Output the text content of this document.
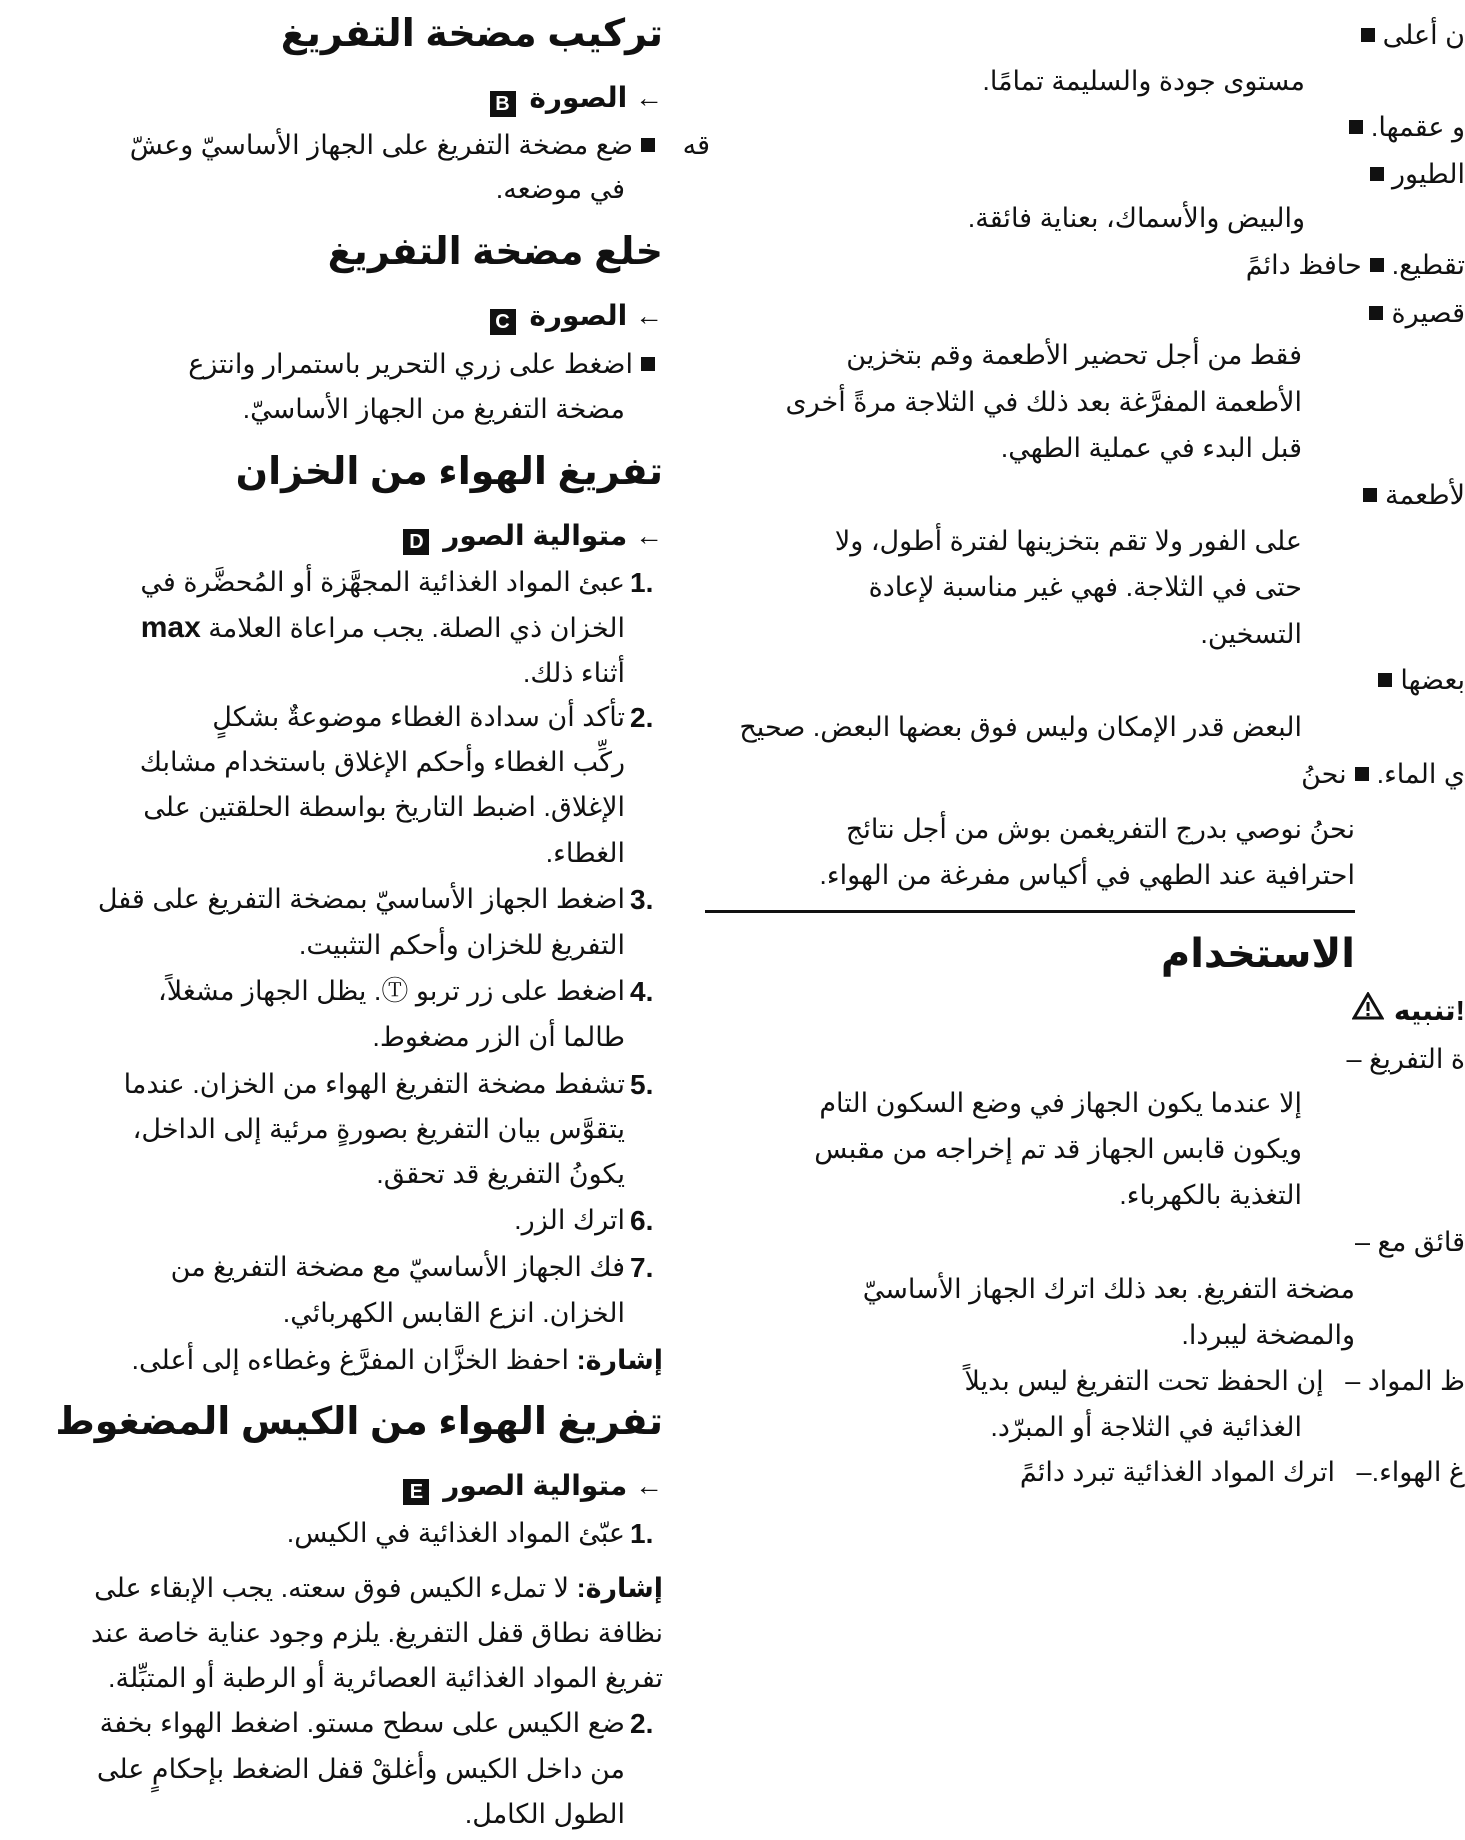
ن أعلى
مستوى جودة والسليمة تمامًا.
و عقمها.
الطيور
والبيض والأسماك، بعناية فائقة.
تقطيع.حافظ دائمً
قصيرة
فقط من أجل تحضير الأطعمة وقم بتخزين
الأطعمة المفرَّغة بعد ذلك في الثلاجة مرةً أخرى
قبل البدء في عملية الطهي.
لأطعمة
على الفور ولا تقم بتخزينها لفترة أطول، ولا
حتى في الثلاجة. فهي غير مناسبة لإعادة
التسخين.
بعضها
البعض قدر الإمكان وليس فوق بعضها البعض. صحيح
ي الماء.نحنُ
نحنُ نوصي بدرج التفريغمن بوش من أجل نتائج
احترافية عند الطهي في أكياس مفرغة من الهواء.
الاستخدام
تنبيه!
ة التفريغ –
إلا عندما يكون الجهاز في وضع السكون التام
ويكون قابس الجهاز قد تم إخراجه من مقبس
التغذية بالكهرباء.
قائق مع –
مضخة التفريغ. بعد ذلك اترك الجهاز الأساسيّ
والمضخة ليبردا.
ظ المواد – إن الحفظ تحت التفريغ ليس بديلاً
الغذائية في الثلاجة أو المبرّد.
غ الهواء.– اترك المواد الغذائية تبرد دائمً
تركيب مضخة التفريغ
← الصورة B
ضع مضخة التفريغ على الجهاز الأساسيّ وعشّ	قه
في موضعه.
خلع مضخة التفريغ
← الصورة C
اضغط على زري التحرير باستمرار وانتزع
مضخة التفريغ من الجهاز الأساسيّ.
تفريغ الهواء من الخزان
← متوالية الصور D
1.
عبئ المواد الغذائية المجهَّزة أو المُحضَّرة في
الخزان ذي الصلة. يجب مراعاة العلامة max
أثناء ذلك.
2.
تأكد أن سدادة الغطاء موضوعةٌ بشكلٍ
ركِّب الغطاء وأحكم الإغلاق باستخدام مشابك
الإغلاق. اضبط التاريخ بواسطة الحلقتين على
الغطاء.
3.
اضغط الجهاز الأساسيّ بمضخة التفريغ على قفل
التفريغ للخزان وأحكم التثبيت.
4.
اضغط على زر تربو Ⓣ. يظل الجهاز مشغلاً،
طالما أن الزر مضغوط.
5.
تشفط مضخة التفريغ الهواء من الخزان. عندما
يتقوَّس بيان التفريغ بصورةٍ مرئية إلى الداخل،
يكونُ التفريغ قد تحقق.
6.
اترك الزر.
7.
فك الجهاز الأساسيّ مع مضخة التفريغ من
الخزان. انزع القابس الكهربائي.
إشارة: احفظ الخزَّان المفرَّغ وغطاءه إلى أعلى.
تفريغ الهواء من الكيس المضغوط
← متوالية الصور E
1.
عبّئ المواد الغذائية في الكيس.
إشارة: لا تملء الكيس فوق سعته. يجب الإبقاء على
نظافة نطاق قفل التفريغ. يلزم وجود عناية خاصة عند
تفريغ المواد الغذائية العصائرية أو الرطبة أو المتبِّلة.
2.
ضع الكيس على سطح مستو. اضغط الهواء بخفة
من داخل الكيس وأغلقْ قفل الضغط بإحكامٍ على
الطول الكامل.
